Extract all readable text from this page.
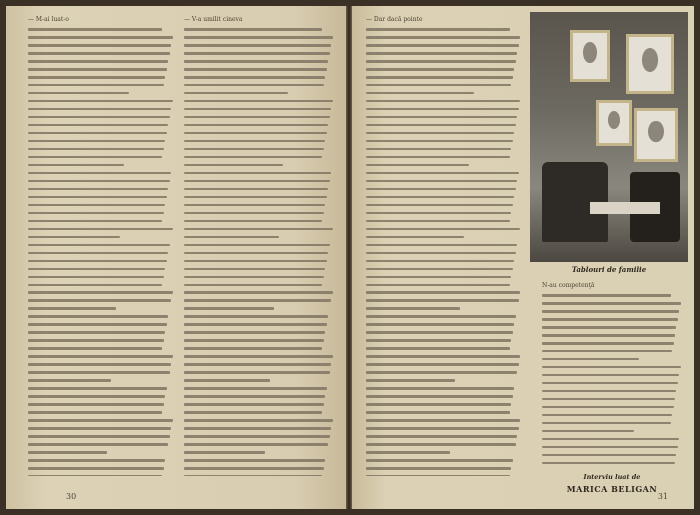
— M-ai luat-o	— V-a umilit cineva
30
— Dar dacă pointe
Tablouri de familie
N-au competenţă
Interviu luat de
MARICA BELIGAN
31
